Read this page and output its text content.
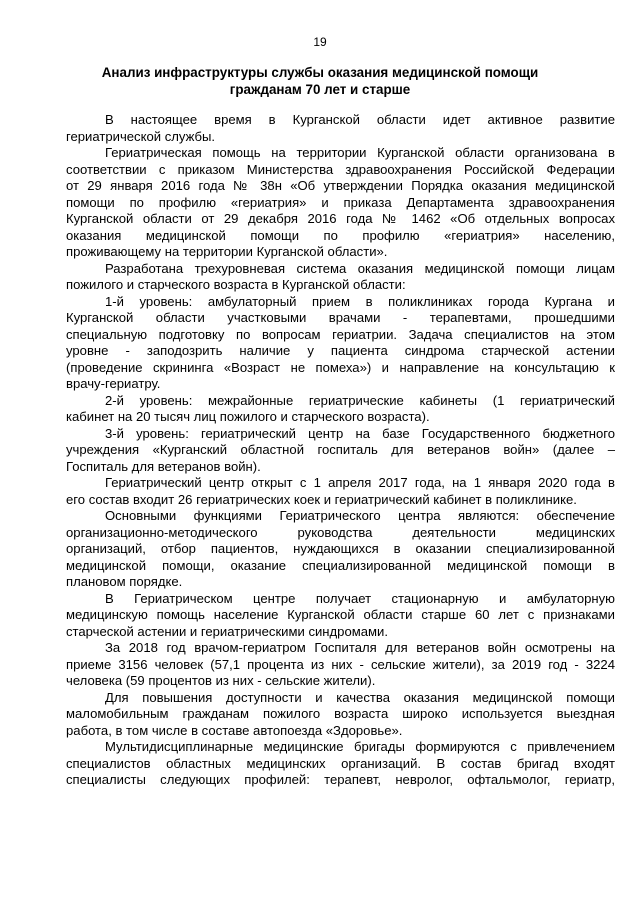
19
Анализ инфраструктуры службы оказания медицинской помощи
гражданам 70 лет и старше
В настоящее время в Курганской области идет активное развитие
гериатрической службы.
Гериатрическая помощь на территории Курганской области организована в
соответствии с приказом Министерства здравоохранения Российской Федерации
от 29 января 2016 года № 38н «Об утверждении Порядка оказания медицинской
помощи по профилю «гериатрия» и приказа Департамента здравоохранения
Курганской области от 29 декабря 2016 года № 1462 «Об отдельных вопросах
оказания медицинской помощи по профилю «гериатрия» населению,
проживающему на территории Курганской области».
Разработана трехуровневая система оказания медицинской помощи лицам
пожилого и старческого возраста в Курганской области:
1-й уровень: амбулаторный прием в поликлиниках города Кургана и
Курганской области участковыми врачами - терапевтами, прошедшими
специальную подготовку по вопросам гериатрии. Задача специалистов на этом
уровне - заподозрить наличие у пациента синдрома старческой астении
(проведение скрининга «Возраст не помеха») и направление на консультацию к
врачу-гериатру.
2-й уровень: межрайонные гериатрические кабинеты (1 гериатрический
кабинет на 20 тысяч лиц пожилого и старческого возраста).
3-й уровень: гериатрический центр на базе Государственного бюджетного
учреждения «Курганский областной госпиталь для ветеранов войн» (далее –
Госпиталь для ветеранов войн).
Гериатрический центр открыт с 1 апреля 2017 года, на 1 января 2020 года в
его состав входит 26 гериатрических коек и гериатрический кабинет в поликлинике.
Основными функциями Гериатрического центра являются: обеспечение
организационно-методического руководства деятельности медицинских
организаций, отбор пациентов, нуждающихся в оказании специализированной
медицинской помощи, оказание специализированной медицинской помощи в
плановом порядке.
В Гериатрическом центре получает стационарную и амбулаторную
медицинскую помощь население Курганской области старше 60 лет с признаками
старческой астении и гериатрическими синдромами.
За 2018 год врачом-гериатром Госпиталя для ветеранов войн осмотрены на
приеме 3156 человек (57,1 процента из них - сельские жители), за 2019 год - 3224
человека (59 процентов из них - сельские жители).
Для повышения доступности и качества оказания медицинской помощи
маломобильным гражданам пожилого возраста широко используется выездная
работа, в том числе в составе автопоезда «Здоровье».
Мультидисциплинарные медицинские бригады формируются с привлечением
специалистов областных медицинских организаций. В состав бригад входят
специалисты следующих профилей: терапевт, невролог, офтальмолог, гериатр,
